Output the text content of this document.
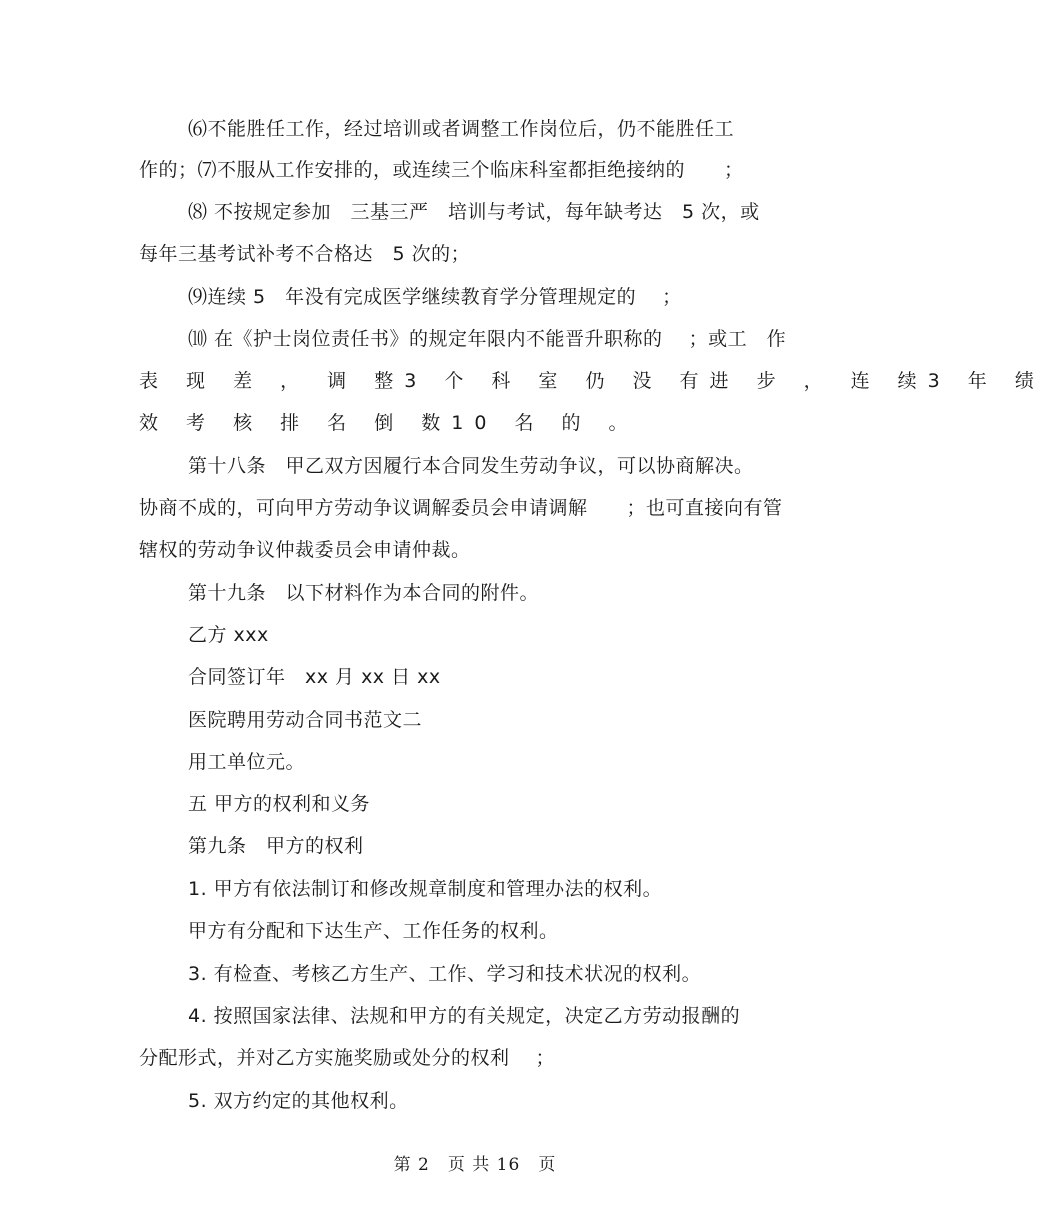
⑹不能胜任工作，经过培训或者调整工作岗位后，仍不能胜任工
作的；⑺不服从工作安排的，或连续三个临床科室都拒绝接纳的　　；
⑻ 不按规定参加　三基三严　培训与考试，每年缺考达　5 次，或
每年三基考试补考不合格达　5 次的；
⑼连续 5　年没有完成医学继续教育学分管理规定的　 ；
⑽ 在《护士岗位责任书》的规定年限内不能晋升职称的　 ；或工　作
表 现 差 ， 调 整3 个 科 室 仍 没 有进 步 ， 连 续3 年 绩
效 考 核 排 名 倒 数10 名 的 。
第十八条　甲乙双方因履行本合同发生劳动争议，可以协商解决。
协商不成的，可向甲方劳动争议调解委员会申请调解　　；也可直接向有管
辖权的劳动争议仲裁委员会申请仲裁。
第十九条　以下材料作为本合同的附件。
乙方 xxx
合同签订年　xx 月 xx 日 xx
医院聘用劳动合同书范文二
用工单位元。
五 甲方的权利和义务
第九条　甲方的权利
1. 甲方有依法制订和修改规章制度和管理办法的权利。
甲方有分配和下达生产、工作任务的权利。
3. 有检查、考核乙方生产、工作、学习和技术状况的权利。
4. 按照国家法律、法规和甲方的有关规定，决定乙方劳动报酬的
分配形式，并对乙方实施奖励或处分的权利　 ；
5. 双方约定的其他权利。
第 2　页 共 16　页
